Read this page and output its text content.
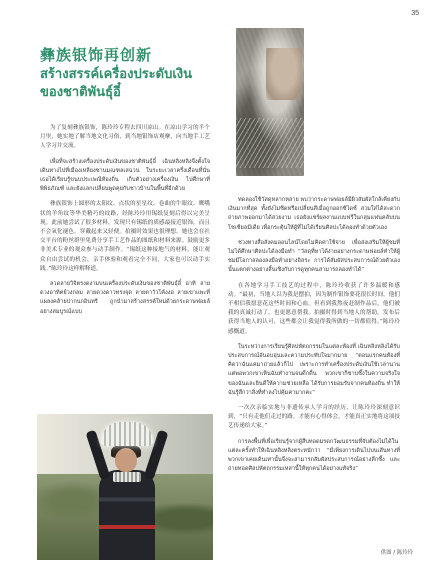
35
彝族银饰再创新
สร้างสรรค์เครื่องประดับเงินของชาติพันธุ์อี๋

为了复刻彝族银饰，陈玲玲专程去四川凉山。在凉山学习的半个月里，她实地了解当地文化习俗，到当地银饰店观摩，向当地手工艺人学习并交流。

เพื่อที่จะสร้างเครื่องประดับเงินของชาติพันธุ์อี๋ เฉินหลิงหลิงจึงตั้งใจเดินทางไปที่เมืองเหลียงซานมณฑลเสฉวน ในระยะเวลาครึ่งเดือนที่นั่น เธอได้เรียนรู้ขนบประเพณีท้องถิ่น เก็บตัวอย่างเครื่องเงิน ไปศึกษาที่พิพิธภัณฑ์ และยังแลกเปลี่ยนพูดคุยกับชาวบ้านในพื้นที่อีกด้วย

彝族银饰上圆形的太阳纹、点状的星星纹、卷曲的牛眼纹、鹰嘴状的羊角纹等华美精巧的纹路，经陈玲玲用锡纸复刻后得以完美呈现。此前她尝试了很多材料，发现只有锡纸的质感最接近银饰，而且不会氧化褪色。穿戴起来又轻便。拍摄时效果也很理想。她也会在社交平台的粉丝群里免费分享手工艺作品的图纸和材料来源。鼓励更多非美术专业的观众参与动手制作。“锡纸这种接地气的材料，能让观众自由尝试的机会，亲手体验和观看完全不同，大家也可以动手实践。”陈玲玲这样解释道。

ลวดลายวิจิตรงดงามบนเครื่องประดับเงินของชาติพันธุ์อี๋ อาทิ ลายดวงอาทิตย์วงกลม ลายดวงดาวทรงจุด ลายตาวัวโค้งงอ ลายเขาแพะที่แผลงคล้ายปากนกอินทรี ถูกนำมาสร้างสรรค์ใหม่ด้วยกระดาษฟอยล์อย่างสมบูรณ์แบบ

ทดลองใช้วัสดุหลากหลาย พบว่ากระดาษฟอยล์มีผิวสัมผัสใกล้เคียงกับเงินมากที่สุด ทั้งยังไม่ซีดหรือเปลี่ยนสีเมื่อถูกออกซิไดซ์ สวมใส่ได้สะดวก ถ่ายภาพออกมาได้สวยงาม เธอยังแชร์ผลงานแบบฟรีในกลุ่มแฟนคลับบนโซเชียลมีเดีย เพื่อกระตุ้นให้ผู้ที่ไม่ได้เรียนศิลปะได้ลองทำด้วยตัวเอง

ช่วงทางสื่อสังคมออนไลน์โดยไม่คิดค่าใช้จ่าย เพื่อส่งเสริมให้ผู้ชมที่ไม่ได้ศึกษาศิลปะได้ลงมือทำ “วัสดุที่หาได้ง่ายอย่างกระดาษฟอยล์ทำให้ผู้ชมมีโอกาสลองลงมือทำอย่างอิสระ การได้สัมผัสประสบการณ์ด้วยตัวเองนั้นแตกต่างอย่างสิ้นเชิงกับการดูทุกคนสามารถลองทำได้”

在各地学习手工技艺的过程中，陈玲玲收获了许多温暖和感动。“最初，当地人以为我是摆拍，因为制作银饰要花很长时间，他们不相信我愿意花这些时间和心血。但看到我熬夜赶制作品后，他们被我的真诚打动了，也更愿意帮我。拍摄时得到当地人的帮助，发布后获得当地人的认可，这些都会让我觉得我所做的一切都值得。”陈玲玲感慨道。

ในระหว่างการเรียนรู้ศิลปหัตถกรรมในแต่ละท้องที่ เฉินหลิงหลิงได้รับประสบการณ์อันอบอุ่นและความประทับใจมากมาย “ตอนแรกคนท้องที่คิดว่าฉันแค่มาถ่ายแล้วก็ไป เพราะการทำเครื่องประดับเงินใช้เวลานาน แต่พอพวกเขาเห็นฉันทำงานจนดึกดื่น พวกเขาก็ซาบซึ้งในความจริงใจของฉันและยินดีให้ความช่วยเหลือ ได้รับการยอมรับจากคนท้องถิ่น ทำให้ฉันรู้สึกว่าสิ่งที่ทำลงไปคุ้มค่ามากค่ะ”

一次次亲临实地与非遗传承人学习的经历，让陈玲玲深刻意识到，“只有走他们走过的路，才能有心得体会，才能真正实地将这项技艺传递给大家。”

การลงพื้นที่เพื่อเรียนรู้จากผู้สืบทอดมรดกวัฒนธรรมที่จับต้องไม่ได้ในแต่ละครั้งทำให้เฉินหลิงหลิงตระหนักว่า “มีเพียงการเดินไปบนเส้นทางที่พวกเขาเคยเดินเท่านั้นจึงจะสามารถสัมผัสประสบการณ์อย่างลึกซึ้ง และถ่ายทอดศิลปหัตถกรรมเหล่านี้ให้ทุกคนได้อย่างแท้จริง”

供图 / 陈玲玲
